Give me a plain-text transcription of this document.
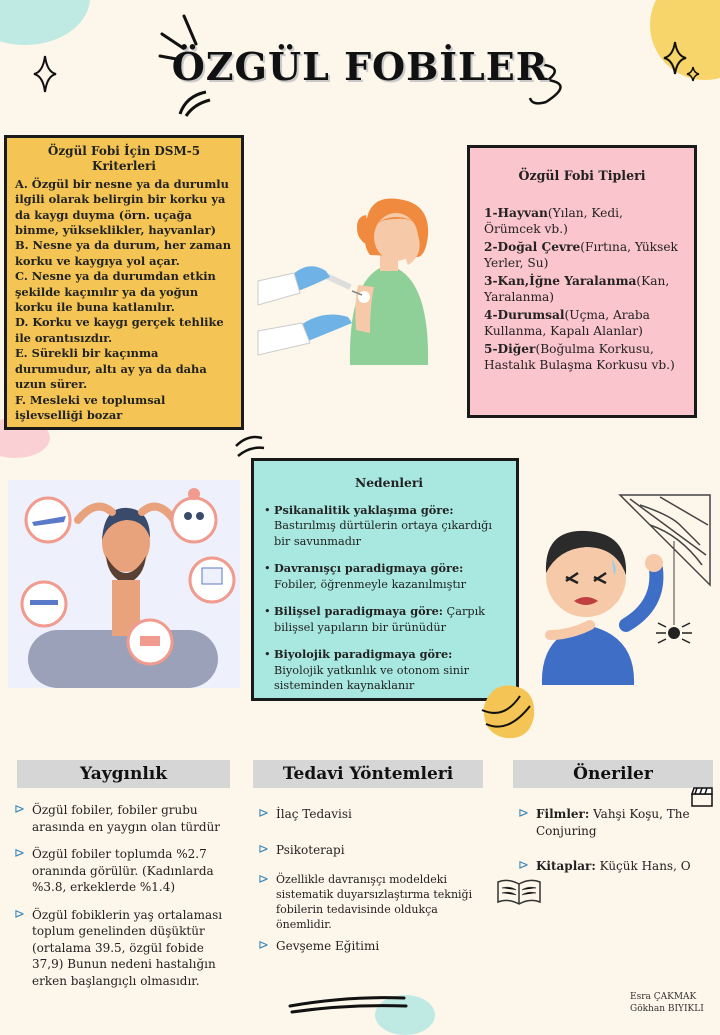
ÖZGÜL FOBİLER
Özgül Fobi İçin DSM-5 Kriterleri
A. Özgül bir nesne ya da durumlu ilgili olarak belirgin bir korku ya da kaygı duyma (örn. uçağa binme, yükseklikler, hayvanlar)
B. Nesne ya da durum, her zaman korku ve kaygıya yol açar.
C. Nesne ya da durumdan etkin şekilde kaçınılır ya da yoğun korku ile buna katlanılır.
D. Korku ve kaygı gerçek tehlike ile orantısızdır.
E. Sürekli bir kaçınma durumudur, altı ay ya da daha uzun sürer.
F. Mesleki ve toplumsal işlevselliği bozar
Özgül Fobi Tipleri
1-Hayvan(Yılan, Kedi, Örümcek vb.)
2-Doğal Çevre(Fırtına, Yüksek Yerler, Su)
3-Kan,İğne Yaralanma(Kan, Yaralanma)
4-Durumsal(Uçma, Araba Kullanma, Kapalı Alanlar)
5-Diğer(Boğulma Korkusu, Hastalık Bulaşma Korkusu vb.)
Nedenleri
• Psikanalitik yaklaşıma göre: Bastırılmış dürtülerin ortaya çıkardığı bir savunmadır
• Davranışçı paradigmaya göre: Fobiler, öğrenmeyle kazanılmıştır
• Bilişsel paradigmaya göre: Çarpık bilişsel yapıların bir ürünüdür
• Biyolojik paradigmaya göre: Biyolojik yatkınlık ve otonom sinir sisteminden kaynaklanır
Yaygınlık	Tedavi Yöntemleri	Öneriler
⊳ Özgül fobiler, fobiler grubu arasında en yaygın olan türdür
⊳ Özgül fobiler toplumda %2.7 oranında görülür. (Kadınlarda %3.8, erkeklerde %1.4)
⊳ Özgül fobiklerin yaş ortalaması toplum genelinden düşüktür (ortalama 39.5, özgül fobide 37,9) Bunun nedeni hastalığın erken başlangıçlı olmasıdır.
⊳ İlaç Tedavisi
⊳ Psikoterapi
⊳ Özellikle davranışçı modeldeki sistematik duyarsızlaştırma tekniği fobilerin tedavisinde oldukça önemlidir.
⊳ Gevşeme Eğitimi
⊳ Filmler: Vahşi Koşu, The Conjuring
⊳ Kitaplar: Küçük Hans, O
Esra ÇAKMAK
Gökhan BIYIKLI
